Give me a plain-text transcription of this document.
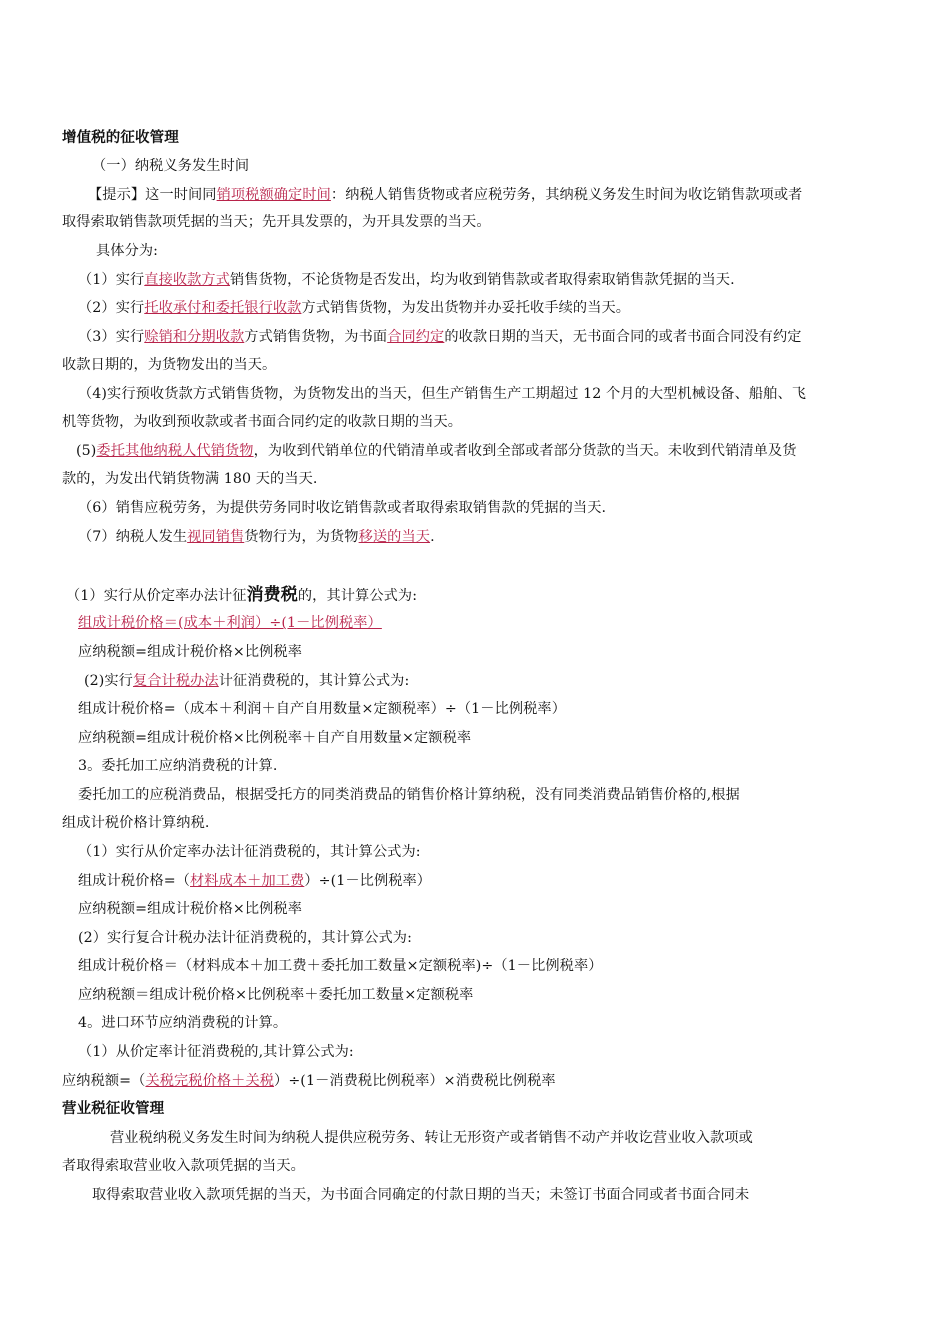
增值税的征收管理
（一）纳税义务发生时间
【提示】这一时间同销项税额确定时间：纳税人销售货物或者应税劳务，其纳税义务发生时间为收讫销售款项或者
取得索取销售款项凭据的当天；先开具发票的，为开具发票的当天。
具体分为:
（1）实行直接收款方式销售货物，不论货物是否发出，均为收到销售款或者取得索取销售款凭据的当天.
（2）实行托收承付和委托银行收款方式销售货物，为发出货物并办妥托收手续的当天。
（3）实行赊销和分期收款方式销售货物，为书面合同约定的收款日期的当天，无书面合同的或者书面合同没有约定
收款日期的，为货物发出的当天。
（4)实行预收货款方式销售货物，为货物发出的当天，但生产销售生产工期超过 12 个月的大型机械设备、船舶、飞
机等货物，为收到预收款或者书面合同约定的收款日期的当天。
(5)委托其他纳税人代销货物，为收到代销单位的代销清单或者收到全部或者部分货款的当天。未收到代销清单及货
款的，为发出代销货物满 180 天的当天.
（6）销售应税劳务，为提供劳务同时收讫销售款或者取得索取销售款的凭据的当天.
（7）纳税人发生视同销售货物行为，为货物移送的当天.
（1）实行从价定率办法计征消费税的，其计算公式为:
组成计税价格＝(成本＋利润）÷(1－比例税率）
应纳税额=组成计税价格×比例税率
(2)实行复合计税办法计征消费税的，其计算公式为:
组成计税价格=（成本＋利润＋自产自用数量×定额税率）÷（1－比例税率）
应纳税额=组成计税价格×比例税率＋自产自用数量×定额税率
3。委托加工应纳消费税的计算.
委托加工的应税消费品，根据受托方的同类消费品的销售价格计算纳税，没有同类消费品销售价格的,根据
组成计税价格计算纳税.
（1）实行从价定率办法计征消费税的，其计算公式为:
组成计税价格=（材料成本＋加工费）÷(1－比例税率）
应纳税额=组成计税价格×比例税率
(2）实行复合计税办法计征消费税的，其计算公式为:
组成计税价格＝（材料成本＋加工费＋委托加工数量×定额税率)÷（1－比例税率）
应纳税额＝组成计税价格×比例税率＋委托加工数量×定额税率
4。进口环节应纳消费税的计算。
（1）从价定率计征消费税的,其计算公式为:
应纳税额=（关税完税价格＋关税）÷(1－消费税比例税率）×消费税比例税率
营业税征收管理
营业税纳税义务发生时间为纳税人提供应税劳务、转让无形资产或者销售不动产并收讫营业收入款项或
者取得索取营业收入款项凭据的当天。
取得索取营业收入款项凭据的当天，为书面合同确定的付款日期的当天；未签订书面合同或者书面合同未
